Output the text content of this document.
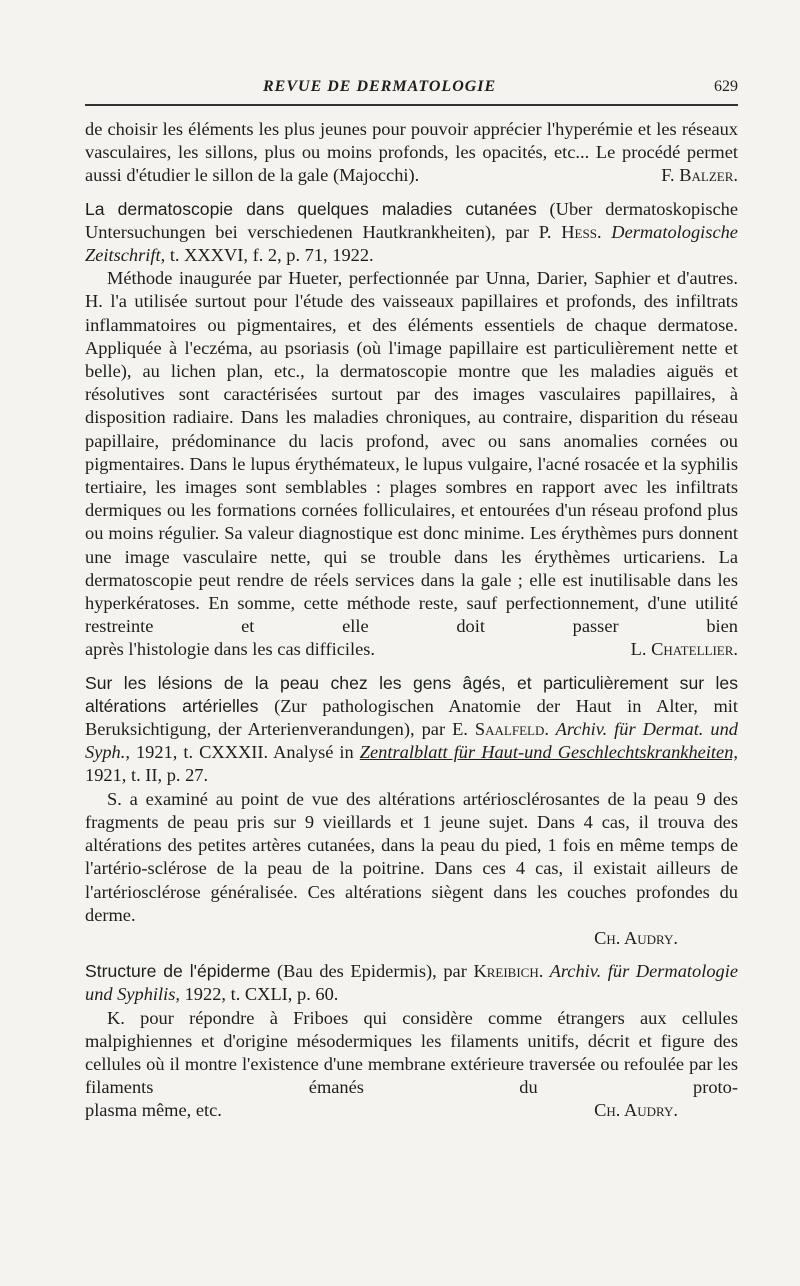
REVUE DE DERMATOLOGIE	629

de choisir les éléments les plus jeunes pour pouvoir apprécier l'hyperémie et les réseaux vasculaires, les sillons, plus ou moins profonds, les opacités, etc... Le procédé permet aussi d'étudier le sillon de la gale (Majocchi).	F. Balzer.

La dermatoscopie dans quelques maladies cutanées (Uber dermatoskopische Untersuchungen bei verschiedenen Hautkrankheiten), par P. Hess. Dermatologische Zeitschrift, t. XXXVI, f. 2, p. 71, 1922.

Méthode inaugurée par Hueter, perfectionnée par Unna, Darier, Saphier et d'autres. H. l'a utilisée surtout pour l'étude des vaisseaux papillaires et profonds, des infiltrats inflammatoires ou pigmentaires, et des éléments essentiels de chaque dermatose. Appliquée à l'eczéma, au psoriasis (où l'image papillaire est particulièrement nette et belle), au lichen plan, etc., la dermatoscopie montre que les maladies aiguës et résolutives sont caractérisées surtout par des images vasculaires papillaires, à disposition radiaire. Dans les maladies chroniques, au contraire, disparition du réseau papillaire, prédominance du lacis profond, avec ou sans anomalies cornées ou pigmentaires. Dans le lupus érythémateux, le lupus vulgaire, l'acné rosacée et la syphilis tertiaire, les images sont semblables : plages sombres en rapport avec les infiltrats dermiques ou les formations cornées folliculaires, et entourées d'un réseau profond plus ou moins régulier. Sa valeur diagnostique est donc minime. Les érythèmes purs donnent une image vasculaire nette, qui se trouble dans les érythèmes urticariens. La dermatoscopie peut rendre de réels services dans la gale ; elle est inutilisable dans les hyperkératoses. En somme, cette méthode reste, sauf perfectionnement, d'une utilité restreinte et elle doit passer bien

après l'histologie dans les cas difficiles.	L. Chatellier.

Sur les lésions de la peau chez les gens âgés, et particulièrement sur les altérations artérielles (Zur pathologischen Anatomie der Haut in Alter, mit Beruksichtigung, der Arterienverandungen), par E. Saalfeld. Archiv. für Dermat. und Syph., 1921, t. CXXXII. Analysé in Zentralblatt für Haut-und Geschlechtskrankheiten, 1921, t. II, p. 27.

S. a examiné au point de vue des altérations artériosclérosantes de la peau 9 des fragments de peau pris sur 9 vieillards et 1 jeune sujet. Dans 4 cas, il trouva des altérations des petites artères cutanées, dans la peau du pied, 1 fois en même temps de l'artério-sclérose de la peau de la poitrine. Dans ces 4 cas, il existait ailleurs de l'artériosclérose généralisée. Ces altérations siègent dans les couches profondes du derme.

Ch. Audry.

Structure de l'épiderme (Bau des Epidermis), par Kreibich. Archiv. für Dermatologie und Syphilis, 1922, t. CXLI, p. 60.

K. pour répondre à Friboes qui considère comme étrangers aux cellules malpighiennes et d'origine mésodermiques les filaments unitifs, décrit et figure des cellules où il montre l'existence d'une membrane extérieure traversée ou refoulée par les filaments émanés du proto-

plasma même, etc.	Ch. Audry.
